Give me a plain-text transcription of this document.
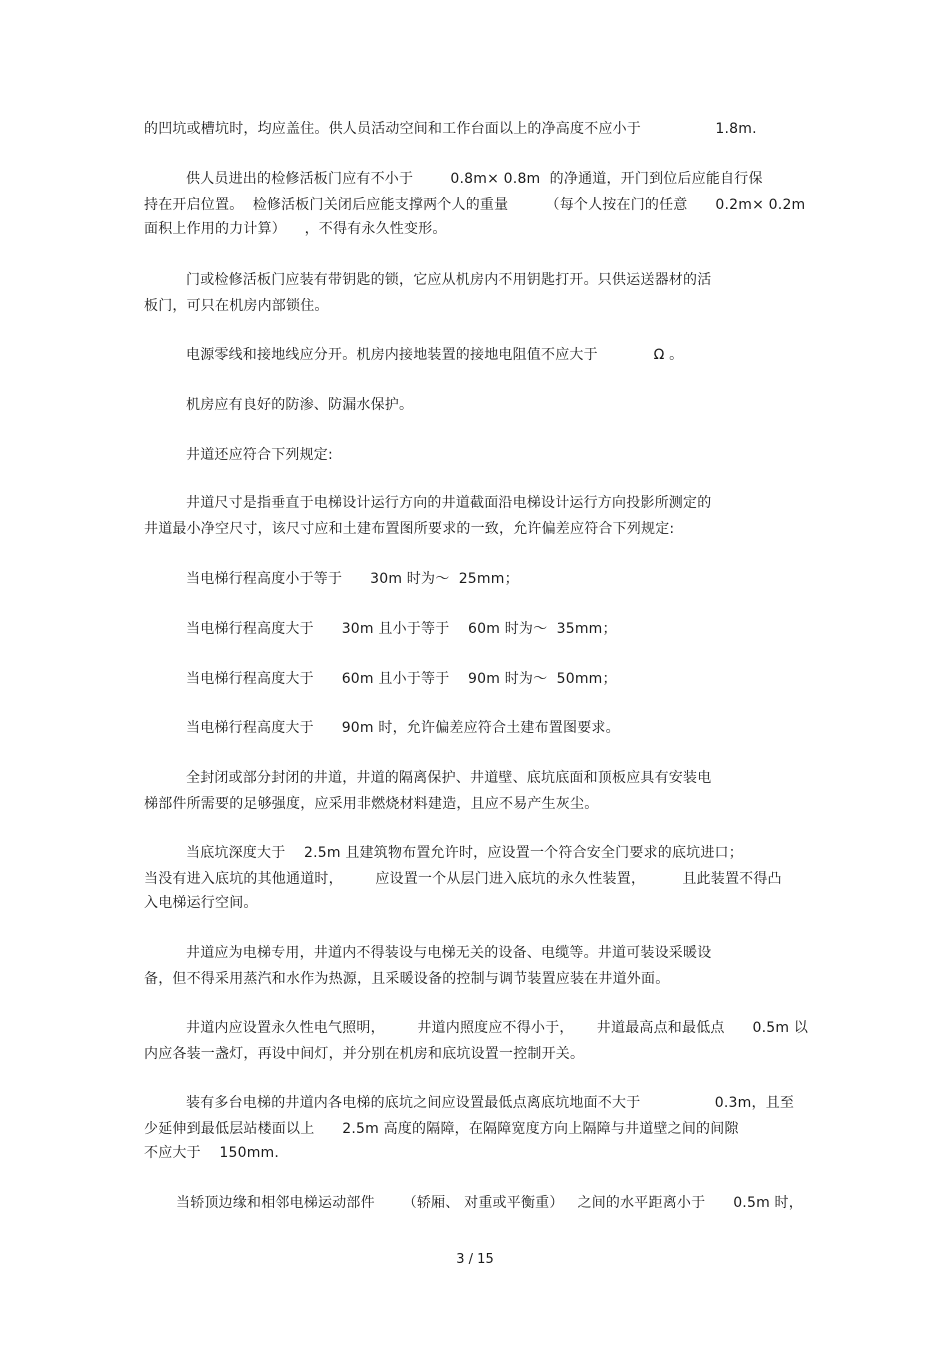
的凹坑或槽坑时，均应盖住。供人员活动空间和工作台面以上的净高度不应小于                1.8m.
供人员进出的检修活板门应有不小于        0.8m× 0.8m  的净通道，开门到位后应能自行保
持在开启位置。  检修活板门关闭后应能支撑两个人的重量        （每个人按在门的任意      0.2m× 0.2m
面积上作用的力计算）    ，不得有永久性变形。
门或检修活板门应装有带钥匙的锁，它应从机房内不用钥匙打开。只供运送器材的活
板门，可只在机房内部锁住。
电源零线和接地线应分开。机房内接地装置的接地电阻值不应大于            Ω 。
机房应有良好的防渗、防漏水保护。
井道还应符合下列规定:
井道尺寸是指垂直于电梯设计运行方向的井道截面沿电梯设计运行方向投影所测定的
井道最小净空尺寸，该尺寸应和土建布置图所要求的一致，允许偏差应符合下列规定:
当电梯行程高度小于等于      30m 时为～  25mm；
当电梯行程高度大于      30m 且小于等于    60m 时为～  35mm；
当电梯行程高度大于      60m 且小于等于    90m 时为～  50mm；
当电梯行程高度大于      90m 时，允许偏差应符合土建布置图要求。
全封闭或部分封闭的井道，井道的隔离保护、井道壁、底坑底面和顶板应具有安装电
梯部件所需要的足够强度，应采用非燃烧材料建造，且应不易产生灰尘。
当底坑深度大于    2.5m 且建筑物布置允许时，应设置一个符合安全门要求的底坑进口；
当没有进入底坑的其他通道时，       应设置一个从层门进入底坑的永久性装置，        且此装置不得凸
入电梯运行空间。
井道应为电梯专用，井道内不得装设与电梯无关的设备、电缆等。井道可装设采暖设
备，但不得采用蒸汽和水作为热源，且采暖设备的控制与调节装置应装在井道外面。
井道内应设置永久性电气照明，       井道内照度应不得小于，     井道最高点和最低点      0.5m 以
内应各装一盏灯，再设中间灯，并分别在机房和底坑设置一控制开关。
装有多台电梯的井道内各电梯的底坑之间应设置最低点离底坑地面不大于                0.3m，且至
少延伸到最低层站楼面以上      2.5m 高度的隔障，在隔障宽度方向上隔障与井道壁之间的间隙
不应大于    150mm.
当轿顶边缘和相邻电梯运动部件      （轿厢、 对重或平衡重）   之间的水平距离小于      0.5m 时，
3 / 15
